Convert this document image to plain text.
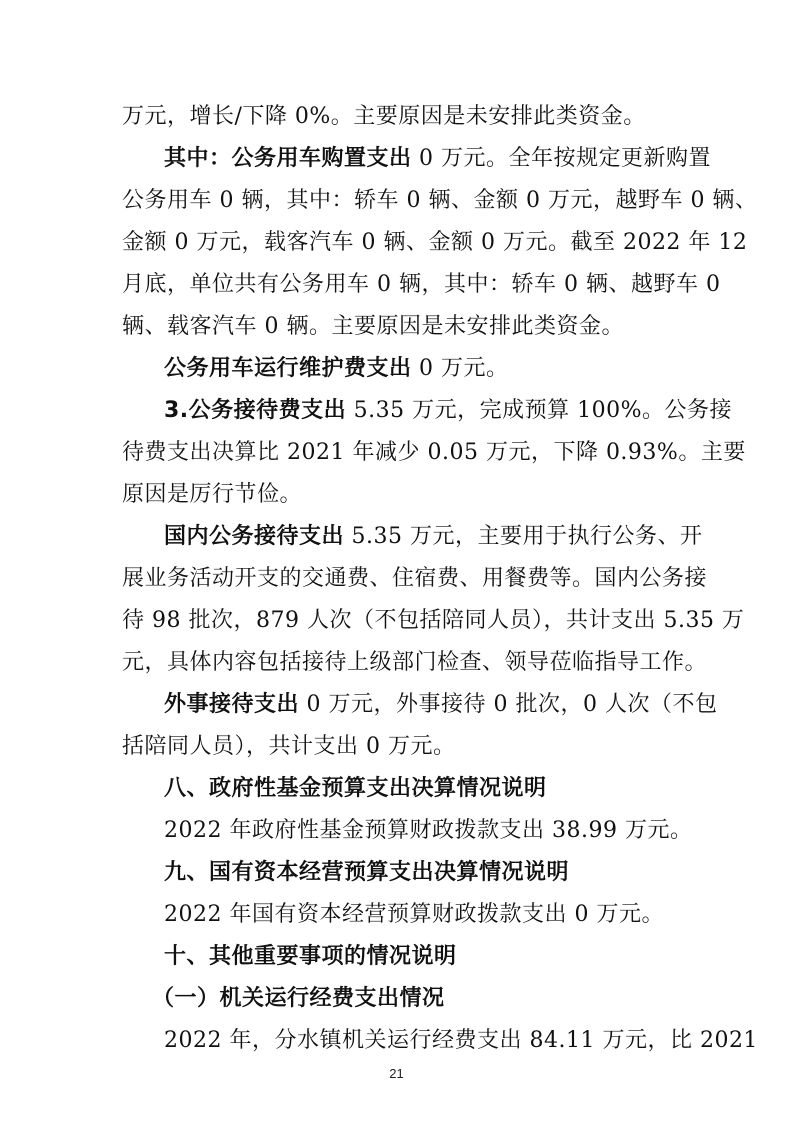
万元，增长/下降 0%。主要原因是未安排此类资金。
其中：公务用车购置支出 0 万元。全年按规定更新购置
公务用车 0 辆，其中：轿车 0 辆、金额 0 万元，越野车 0 辆、
金额 0 万元，载客汽车 0 辆、金额 0 万元。截至 2022 年 12
月底，单位共有公务用车 0 辆，其中：轿车 0 辆、越野车 0
辆、载客汽车 0 辆。主要原因是未安排此类资金。
公务用车运行维护费支出 0 万元。
3.公务接待费支出 5.35 万元，完成预算 100%。公务接
待费支出决算比 2021 年减少 0.05 万元，下降 0.93%。主要
原因是厉行节俭。
国内公务接待支出 5.35 万元，主要用于执行公务、开
展业务活动开支的交通费、住宿费、用餐费等。国内公务接
待 98 批次，879 人次（不包括陪同人员），共计支出 5.35 万
元，具体内容包括接待上级部门检查、领导莅临指导工作。
外事接待支出 0 万元，外事接待 0 批次，0 人次（不包
括陪同人员），共计支出 0 万元。
八、政府性基金预算支出决算情况说明
2022 年政府性基金预算财政拨款支出 38.99 万元。
九、国有资本经营预算支出决算情况说明
2022 年国有资本经营预算财政拨款支出 0 万元。
十、其他重要事项的情况说明
（一）机关运行经费支出情况
2022 年，分水镇机关运行经费支出 84.11 万元，比 2021
21
